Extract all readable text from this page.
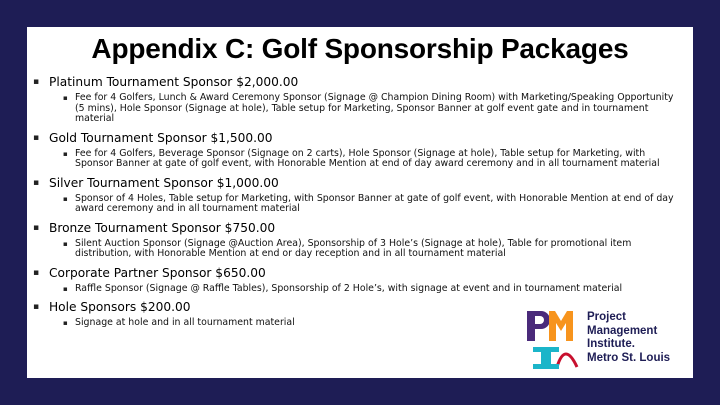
Appendix C: Golf Sponsorship Packages
▪ Platinum Tournament Sponsor $2,000.00
▪ Fee for 4 Golfers, Lunch & Award Ceremony Sponsor (Signage @ Champion Dining Room) with Marketing/Speaking Opportunity (5 mins), Hole Sponsor (Signage at hole), Table setup for Marketing, Sponsor Banner at golf event gate and in tournament material
▪ Gold Tournament Sponsor $1,500.00
▪ Fee for 4 Golfers, Beverage Sponsor (Signage on 2 carts), Hole Sponsor (Signage at hole), Table setup for Marketing, with Sponsor Banner at gate of golf event, with Honorable Mention at end of day award ceremony and in all tournament material
▪ Silver Tournament Sponsor $1,000.00
▪ Sponsor of 4 Holes, Table setup for Marketing, with Sponsor Banner at gate of golf event, with Honorable Mention at end of day award ceremony and in all tournament material
▪ Bronze Tournament Sponsor $750.00
▪ Silent Auction Sponsor (Signage @Auction Area), Sponsorship of 3 Hole’s (Signage at hole), Table for promotional item distribution, with Honorable Mention at end or day reception and in all tournament material
▪ Corporate Partner Sponsor $650.00
▪ Raffle Sponsor (Signage @ Raffle Tables), Sponsorship of 2 Hole’s, with signage at event and in tournament material
▪ Hole Sponsors $200.00
▪ Signage at hole and in all tournament material	Project
Management
Institute.
Metro St. Louis
